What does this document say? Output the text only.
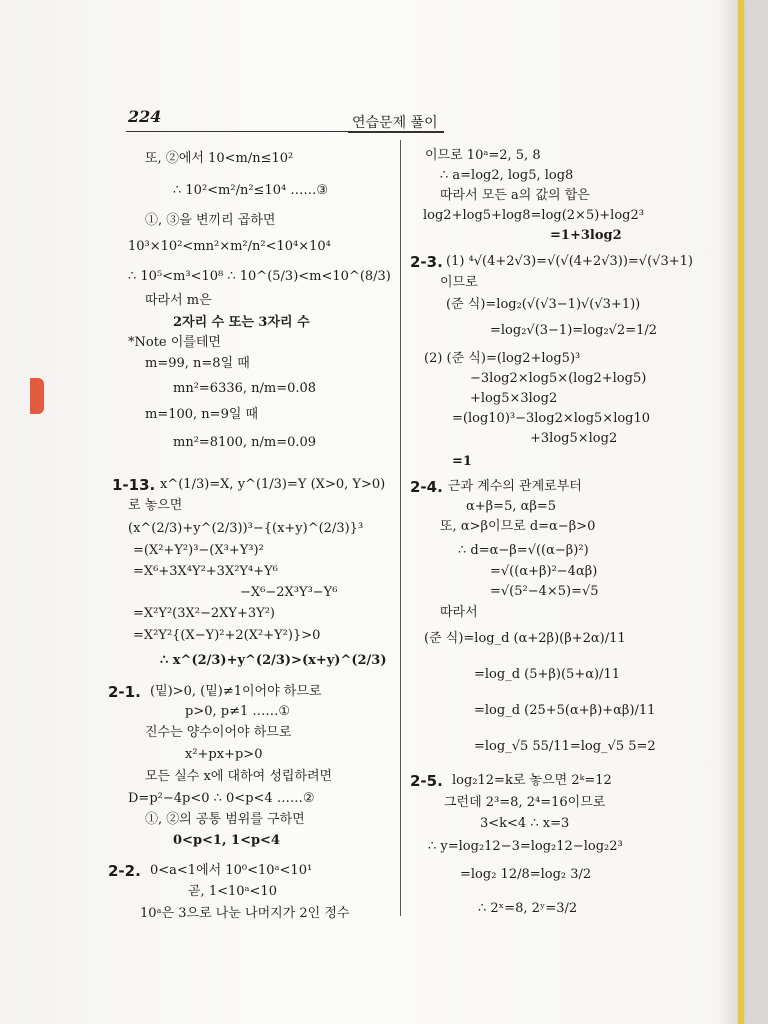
224	연습문제 풀이
또, ②에서 10<m/n≤10²
∴ 10²<m²/n²≤10⁴ ……③
①, ③을 변끼리 곱하면
10³×10²<mn²×m²/n²<10⁴×10⁴
∴ 10⁵<m³<10⁸ ∴ 10^(5/3)<m<10^(8/3)
따라서 m은
2자리 수 또는 3자리 수
*Note 이를테면
m=99, n=8일 때
mn²=6336, n/m=0.0̇8̇
m=100, n=9일 때
mn²=8100, n/m=0.09
1-13. x^(1/3)=X, y^(1/3)=Y (X>0, Y>0)
로 놓으면
(x^(2/3)+y^(2/3))³−{(x+y)^(2/3)}³
=(X²+Y²)³−(X³+Y³)²
=X⁶+3X⁴Y²+3X²Y⁴+Y⁶
−X⁶−2X³Y³−Y⁶
=X²Y²(3X²−2XY+3Y²)
=X²Y²{(X−Y)²+2(X²+Y²)}>0
∴ x^(2/3)+y^(2/3)>(x+y)^(2/3)
2-1. (밑)>0, (밑)≠1이어야 하므로
p>0, p≠1 ……①
진수는 양수이어야 하므로
x²+px+p>0
모든 실수 x에 대하여 성립하려면
D=p²−4p<0 ∴ 0<p<4 ……②
①, ②의 공통 범위를 구하면
0<p<1, 1<p<4
2-2. 0<a<1에서 10⁰<10ᵃ<10¹
곧, 1<10ᵃ<10
10ᵃ은 3으로 나눈 나머지가 2인 정수
이므로 10ᵃ=2, 5, 8
∴ a=log2, log5, log8
따라서 모든 a의 값의 합은
log2+log5+log8=log(2×5)+log2³
=1+3log2
2-3. (1) ⁴√(4+2√3)=√(√(4+2√3))=√(√3+1)
이므로
(준 식)=log₂(√(√3−1)√(√3+1))
=log₂√(3−1)=log₂√2=1/2
(2) (준 식)=(log2+log5)³
−3log2×log5×(log2+log5)
+log5×3log2
=(log10)³−3log2×log5×log10
+3log5×log2
=1
2-4. 근과 계수의 관계로부터
α+β=5, αβ=5
또, α>β이므로 d=α−β>0
∴ d=α−β=√((α−β)²)
=√((α+β)²−4αβ)
=√(5²−4×5)=√5
따라서
(준 식)=log_d (α+2β)(β+2α)/11
=log_d (5+β)(5+α)/11
=log_d (25+5(α+β)+αβ)/11
=log_√5 55/11=log_√5 5=2
2-5. log₂12=k로 놓으면 2ᵏ=12
그런데 2³=8, 2⁴=16이므로
3<k<4 ∴ x=3
∴ y=log₂12−3=log₂12−log₂2³
=log₂ 12/8=log₂ 3/2
∴ 2ˣ=8, 2ʸ=3/2
